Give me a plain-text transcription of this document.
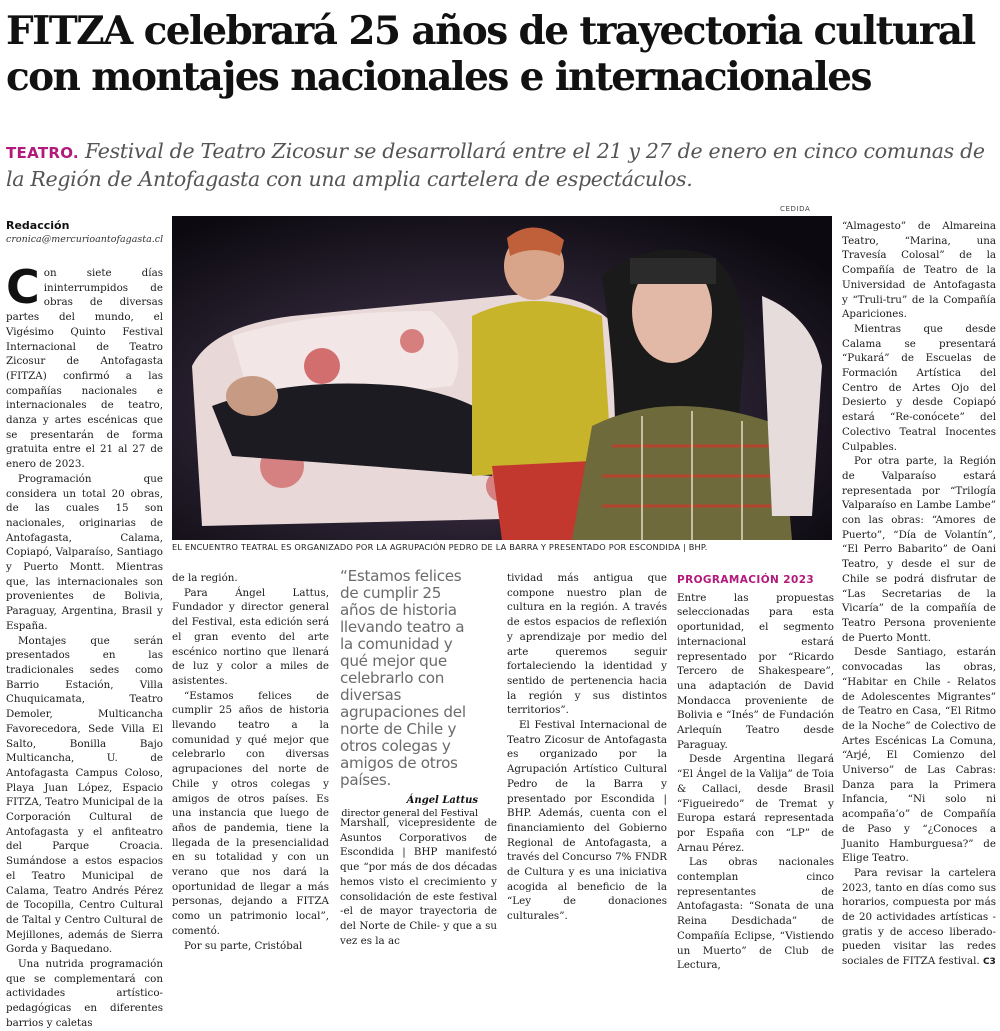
FITZA celebrará 25 años de trayectoria cultural con montajes nacionales e internacionales
TEATRO. Festival de Teatro Zicosur se desarrollará entre el 21 y 27 de enero en cinco comunas de la Región de Antofagasta con una amplia cartelera de espectáculos.
Redacción
cronica@mercurioantofagasta.cl
CEDIDA
EL ENCUENTRO TEATRAL ES ORGANIZADO POR LA AGRUPACIÓN PEDRO DE LA BARRA Y PRESENTADO POR ESCONDIDA | BHP.

Con siete días ininterrumpidos de obras de diversas partes del mundo, el Vigésimo Quinto Festival Internacional de Teatro Zicosur de Antofagasta (FITZA) confirmó a las compañías nacionales e internacionales de teatro, danza y artes escénicas que se presentarán de forma gratuita entre el 21 al 27 de enero de 2023.

Programación que considera un total 20 obras, de las cuales 15 son nacionales, originarias de Antofagasta, Calama, Copiapó, Valparaíso, Santiago y Puerto Montt. Mientras que, las internacionales son provenientes de Bolivia, Paraguay, Argentina, Brasil y España.

Montajes que serán presentados en las tradicionales sedes como Barrio Estación, Villa Chuquicamata, Teatro Demoler, Multicancha Favorecedora, Sede Villa El Salto, Bonilla Bajo Multicancha, U. de Antofagasta Campus Coloso, Playa Juan López, Espacio FITZA, Teatro Municipal de la Corporación Cultural de Antofagasta y el anfiteatro del Parque Croacia. Sumándose a estos espacios el Teatro Municipal de Calama, Teatro Andrés Pérez de Tocopilla, Centro Cultural de Taltal y Centro Cultural de Mejillones, además de Sierra Gorda y Baquedano.

Una nutrida programación que se complementará con actividades artístico-pedagógicas en diferentes barrios y caletas

de la región.

Para Ángel Lattus, Fundador y director general del Festival, esta edición será el gran evento del arte escénico nortino que llenará de luz y color a miles de asistentes.

“Estamos felices de cumplir 25 años de historia llevando teatro a la comunidad y qué mejor que celebrarlo con diversas agrupaciones del norte de Chile y otros colegas y amigos de otros países. Es una instancia que luego de años de pandemia, tiene la llegada de la presencialidad en su totalidad y con un verano que nos dará la oportunidad de llegar a más personas, dejando a FITZA como un patrimonio local”, comentó.

Por su parte, Cristóbal

“Estamos felices de cumplir 25 años de historia llevando teatro a la comunidad y qué mejor que celebrarlo con diversas agrupaciones del norte de Chile y otros colegas y amigos de otros países.
Ángel Lattus
director general del Festival

Marshall, vicepresidente de Asuntos Corporativos de Escondida | BHP manifestó que “por más de dos décadas hemos visto el crecimiento y consolidación de este festival -el de mayor trayectoria de del Norte de Chile- y que a su vez es la ac

tividad más antigua que compone nuestro plan de cultura en la región. A través de estos espacios de reflexión y aprendizaje por medio del arte queremos seguir fortaleciendo la identidad y sentido de pertenencia hacia la región y sus distintos territorios”.

El Festival Internacional de Teatro Zicosur de Antofagasta es organizado por la Agrupación Artístico Cultural Pedro de la Barra y presentado por Escondida | BHP. Además, cuenta con el financiamiento del Gobierno Regional de Antofagasta, a través del Concurso 7% FNDR de Cultura y es una iniciativa acogida al beneficio de la “Ley de donaciones culturales”.

PROGRAMACIÓN 2023

Entre las propuestas seleccionadas para esta oportunidad, el segmento internacional estará representado por “Ricardo Tercero de Shakespeare”, una adaptación de David Mondacca proveniente de Bolivia e “Inés” de Fundación Arlequín Teatro desde Paraguay.

Desde Argentina llegará “El Ángel de la Valija” de Toia & Callaci, desde Brasil “Figueiredo” de Tremat y Europa estará representada por España con “LP” de Arnau Pérez.

Las obras nacionales contemplan cinco representantes de Antofagasta: “Sonata de una Reina Desdichada” de Compañía Eclipse, “Vistiendo un Muerto” de Club de Lectura,

“Almagesto” de Almareina Teatro, “Marina, una Travesía Colosal” de la Compañía de Teatro de la Universidad de Antofagasta y “Truli-tru” de la Compañía Apariciones.

Mientras que desde Calama se presentará “Pukará” de Escuelas de Formación Artística del Centro de Artes Ojo del Desierto y desde Copiapó estará “Re-conócete” del Colectivo Teatral Inocentes Culpables.

Por otra parte, la Región de Valparaíso estará representada por “Trilogía Valparaíso en Lambe Lambe” con las obras: “Amores de Puerto”, “Día de Volantín”, “El Perro Babarito” de Oani Teatro, y desde el sur de Chile se podrá disfrutar de “Las Secretarias de la Vicaría” de la compañía de Teatro Persona proveniente de Puerto Montt.

Desde Santiago, estarán convocadas las obras, “Habitar en Chile - Relatos de Adolescentes Migrantes” de Teatro en Casa, “El Ritmo de la Noche” de Colectivo de Artes Escénicas La Comuna, “Arjé, El Comienzo del Universo” de Las Cabras: Danza para la Primera Infancia, “Ni solo ni acompaña’o” de Compañía de Paso y “¿Conoces a Juanito Hamburguesa?” de Elige Teatro.

Para revisar la cartelera 2023, tanto en días como sus horarios, compuesta por más de 20 actividades artísticas - gratis y de acceso liberado- pueden visitar las redes sociales de FITZA festival. C3
